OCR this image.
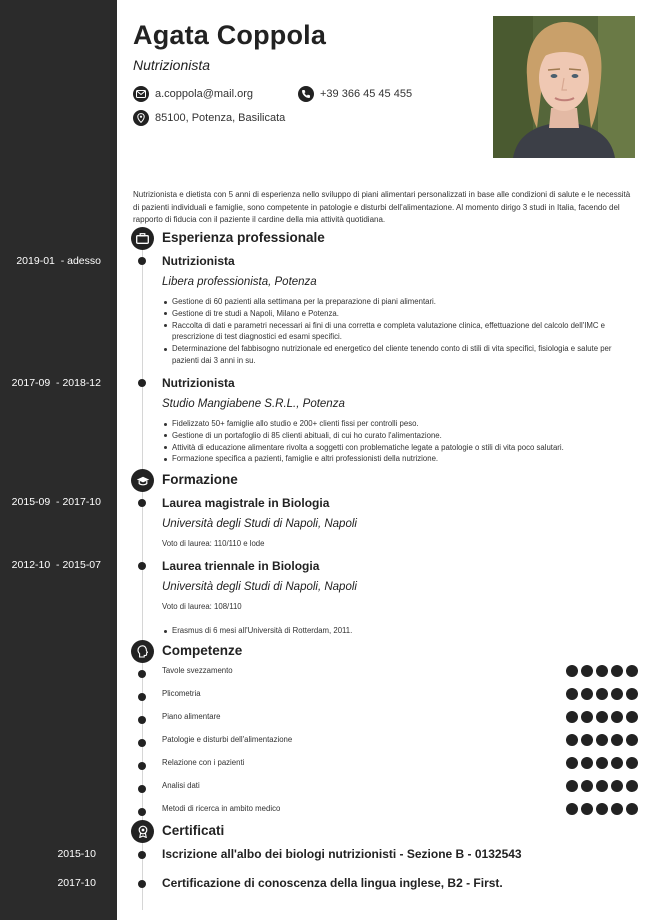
Agata Coppola
Nutrizionista
a.coppola@mail.org	+39 366 45 45 455
85100, Potenza, Basilicata
Nutrizionista e dietista con 5 anni di esperienza nello sviluppo di piani alimentari personalizzati in base alle condizioni di salute e le necessità di pazienti individuali e famiglie, sono competente in patologie e disturbi dell'alimentazione. Al momento dirigo 3 studi in Italia, facendo del rapporto di fiducia con il paziente il cardine della mia attività quotidiana.
Esperienza professionale
2019-01  - adesso	Nutrizionista
Libera professionista, Potenza
Gestione di 60 pazienti alla settimana per la preparazione di piani alimentari.
Gestione di tre studi a Napoli, Milano e Potenza.
Raccolta di dati e parametri necessari ai fini di una corretta e completa valutazione clinica, effettuazione del calcolo dell'IMC e prescrizione di test diagnostici ed esami specifici.
Determinazione del fabbisogno nutrizionale ed energetico del cliente tenendo conto di stili di vita specifici, fisiologia e salute per pazienti dai 3 anni in su.
2017-09  - 2018-12	Nutrizionista
Studio Mangiabene S.R.L., Potenza
Fidelizzato 50+ famiglie allo studio e 200+ clienti fissi per controlli peso.
Gestione di un portafoglio di 85 clienti abituali, di cui ho curato l'alimentazione.
Attività di educazione alimentare rivolta a soggetti con problematiche legate a patologie o stili di vita poco salutari.
Formazione specifica a pazienti, famiglie e altri professionisti della nutrizione.
Formazione
2015-09  - 2017-10	Laurea magistrale in Biologia
Università degli Studi di Napoli, Napoli
Voto di laurea: 110/110 e lode
2012-10  - 2015-07	Laurea triennale in Biologia
Università degli Studi di Napoli, Napoli
Voto di laurea: 108/110
Erasmus di 6 mesi all'Università di Rotterdam, 2011.
Competenze
Tavole svezzamento
Plicometria
Piano alimentare
Patologie e disturbi dell'alimentazione
Relazione con i pazienti
Analisi dati
Metodi di ricerca in ambito medico
Certificati
2015-10	Iscrizione all'albo dei biologi nutrizionisti - Sezione B - 0132543
2017-10	Certificazione di conoscenza della lingua inglese, B2 - First.
